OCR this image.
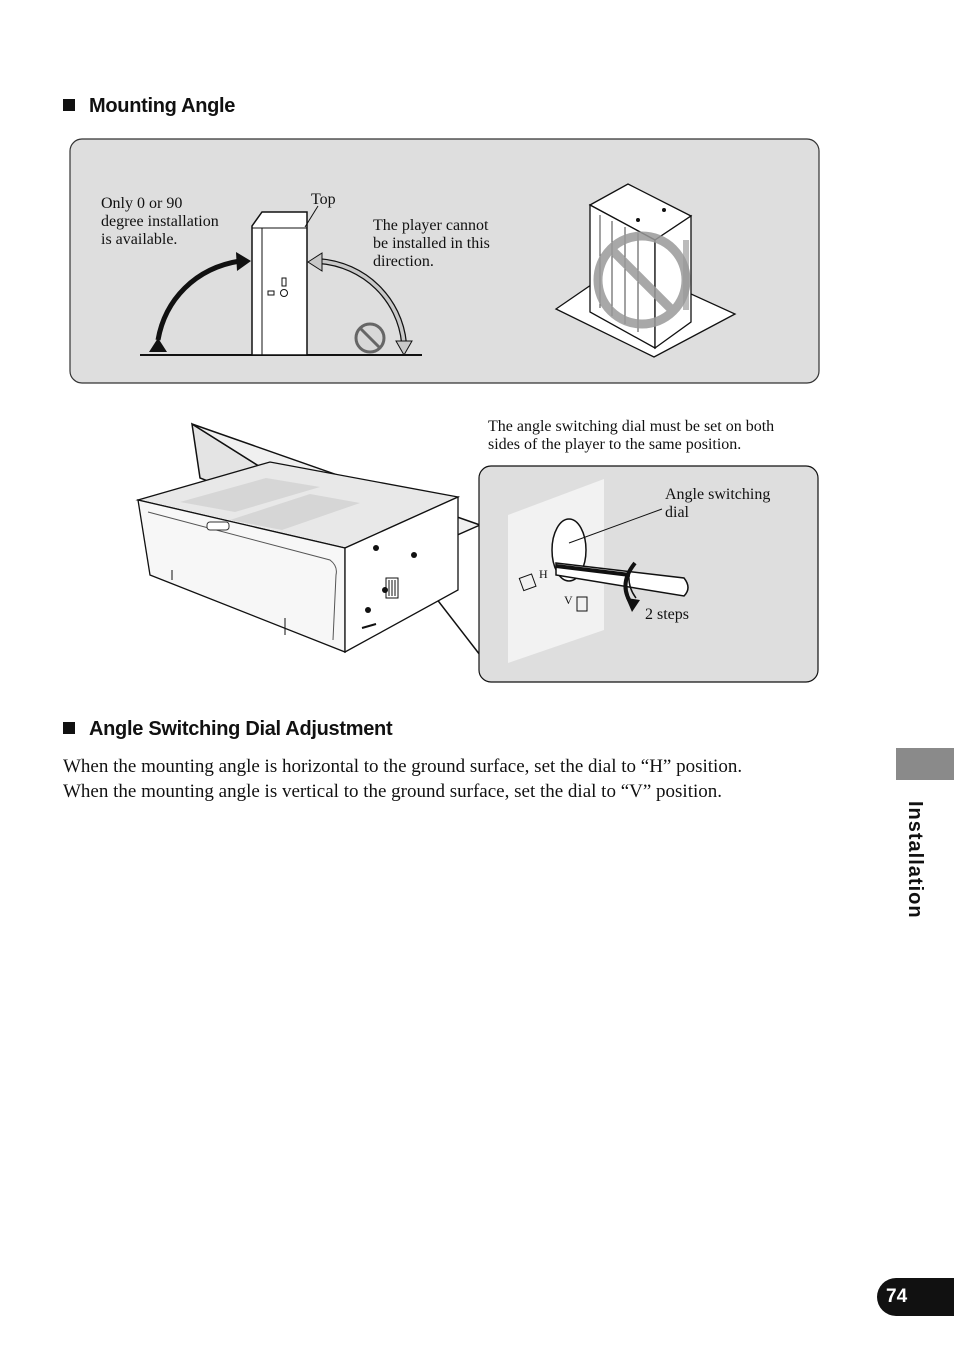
Mounting Angle
Only 0 or 90
degree installation
is available.
Top
The player cannot
be installed in this
direction.
H
V
The angle switching dial must be set on both
sides of the player to the same position.
Angle switching
dial
2 steps
Angle Switching Dial Adjustment
When the mounting angle is horizontal to the ground surface, set the dial to “H” position.
When the mounting angle is vertical to the ground surface, set the dial to “V” position.
Installation
74
